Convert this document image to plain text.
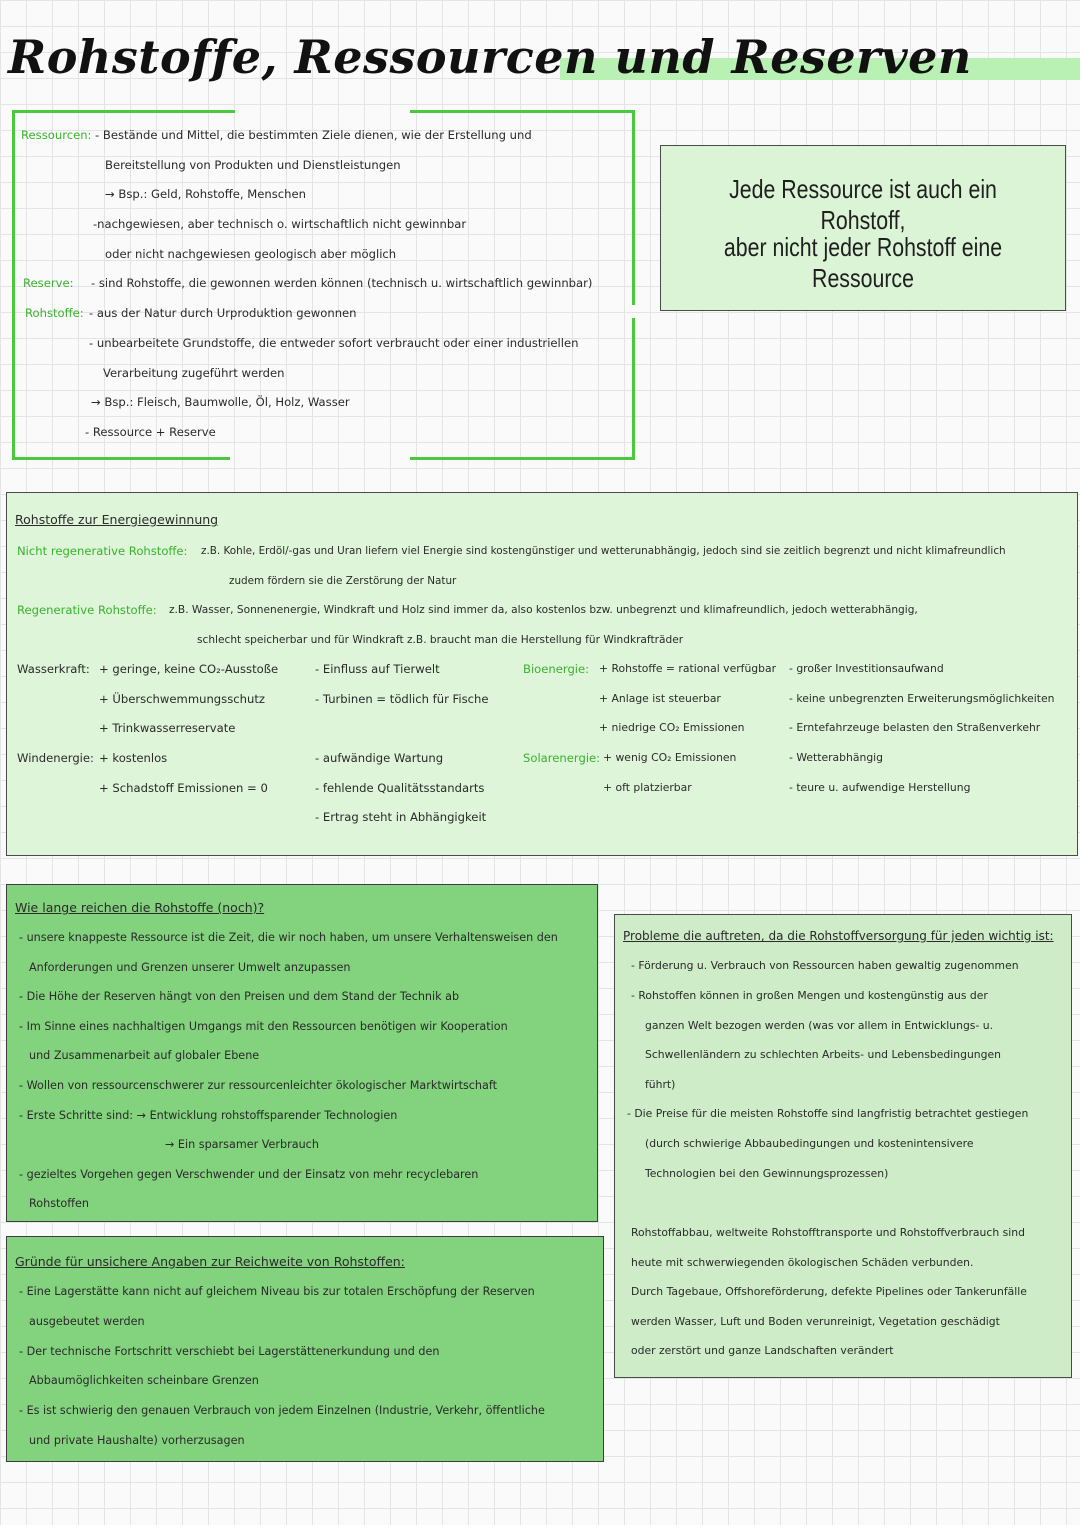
Rohstoffe, Ressourcen und Reserven
Ressourcen: - Bestände und Mittel, die bestimmten Ziele dienen, wie der Erstellung und
Bereitstellung von Produkten und Dienstleistungen
→ Bsp.: Geld, Rohstoffe, Menschen
-nachgewiesen, aber technisch o. wirtschaftlich nicht gewinnbar
oder nicht nachgewiesen geologisch aber möglich
Reserve: - sind Rohstoffe, die gewonnen werden können (technisch u. wirtschaftlich gewinnbar)
Rohstoffe: - aus der Natur durch Urproduktion gewonnen
- unbearbeitete Grundstoffe, die entweder sofort verbraucht oder einer industriellen
Verarbeitung zugeführt werden
→ Bsp.: Fleisch, Baumwolle, Öl, Holz, Wasser
- Ressource + Reserve
Jede Ressource ist auch ein Rohstoff,
aber nicht jeder Rohstoff eine Ressource
Rohstoffe zur Energiegewinnung
Nicht regenerative Rohstoffe: z.B. Kohle, Erdöl/-gas und Uran liefern viel Energie sind kostengünstiger und wetterunabhängig, jedoch sind sie zeitlich begrenzt und nicht klimafreundlich
zudem fördern sie die Zerstörung der Natur
Regenerative Rohstoffe: z.B. Wasser, Sonnenenergie, Windkraft und Holz sind immer da, also kostenlos bzw. unbegrenzt und klimafreundlich, jedoch wetterabhängig,
schlecht speicherbar und für Windkraft z.B. braucht man die Herstellung für Windkrafträder
Wasserkraft: + geringe, keine CO₂-Ausstoße
+ Überschwemmungsschutz
+ Trinkwasserreservate
- Einfluss auf Tierwelt
- Turbinen = tödlich für Fische
Windenergie: + kostenlos
+ Schadstoff Emissionen = 0
- aufwändige Wartung
- fehlende Qualitätsstandarts
- Ertrag steht in Abhängigkeit
Bioenergie: + Rohstoffe = rational verfügbar
+ Anlage ist steuerbar
+ niedrige CO₂ Emissionen
- großer Investitionsaufwand
- keine unbegrenzten Erweiterungsmöglichkeiten
- Erntefahrzeuge belasten den Straßenverkehr
Solarenergie: + wenig CO₂ Emissionen
+ oft platzierbar
- Wetterabhängig
- teure u. aufwendige Herstellung
Wie lange reichen die Rohstoffe (noch)?
- unsere knappeste Ressource ist die Zeit, die wir noch haben, um unsere Verhaltensweisen den
Anforderungen und Grenzen unserer Umwelt anzupassen
- Die Höhe der Reserven hängt von den Preisen und dem Stand der Technik ab
- Im Sinne eines nachhaltigen Umgangs mit den Ressourcen benötigen wir Kooperation
und Zusammenarbeit auf globaler Ebene
- Wollen von ressourcenschwerer zur ressourcenleichter ökologischer Marktwirtschaft
- Erste Schritte sind: → Entwicklung rohstoffsparender Technologien
→ Ein sparsamer Verbrauch
- gezieltes Vorgehen gegen Verschwender und der Einsatz von mehr recyclebaren
Rohstoffen
Gründe für unsichere Angaben zur Reichweite von Rohstoffen:
- Eine Lagerstätte kann nicht auf gleichem Niveau bis zur totalen Erschöpfung der Reserven
ausgebeutet werden
- Der technische Fortschritt verschiebt bei Lagerstättenerkundung und den
Abbaumöglichkeiten scheinbare Grenzen
- Es ist schwierig den genauen Verbrauch von jedem Einzelnen (Industrie, Verkehr, öffentliche
und private Haushalte) vorherzusagen
Probleme die auftreten, da die Rohstoffversorgung für jeden wichtig ist:
- Förderung u. Verbrauch von Ressourcen haben gewaltig zugenommen
- Rohstoffen können in großen Mengen und kostengünstig aus der
ganzen Welt bezogen werden (was vor allem in Entwicklungs- u.
Schwellenländern zu schlechten Arbeits- und Lebensbedingungen
führt)
- Die Preise für die meisten Rohstoffe sind langfristig betrachtet gestiegen
(durch schwierige Abbaubedingungen und kostenintensivere
Technologien bei den Gewinnungsprozessen)
Rohstoffabbau, weltweite Rohstofftransporte und Rohstoffverbrauch sind
heute mit schwerwiegenden ökologischen Schäden verbunden.
Durch Tagebaue, Offshoreförderung, defekte Pipelines oder Tankerunfälle
werden Wasser, Luft und Boden verunreinigt, Vegetation geschädigt
oder zerstört und ganze Landschaften verändert
